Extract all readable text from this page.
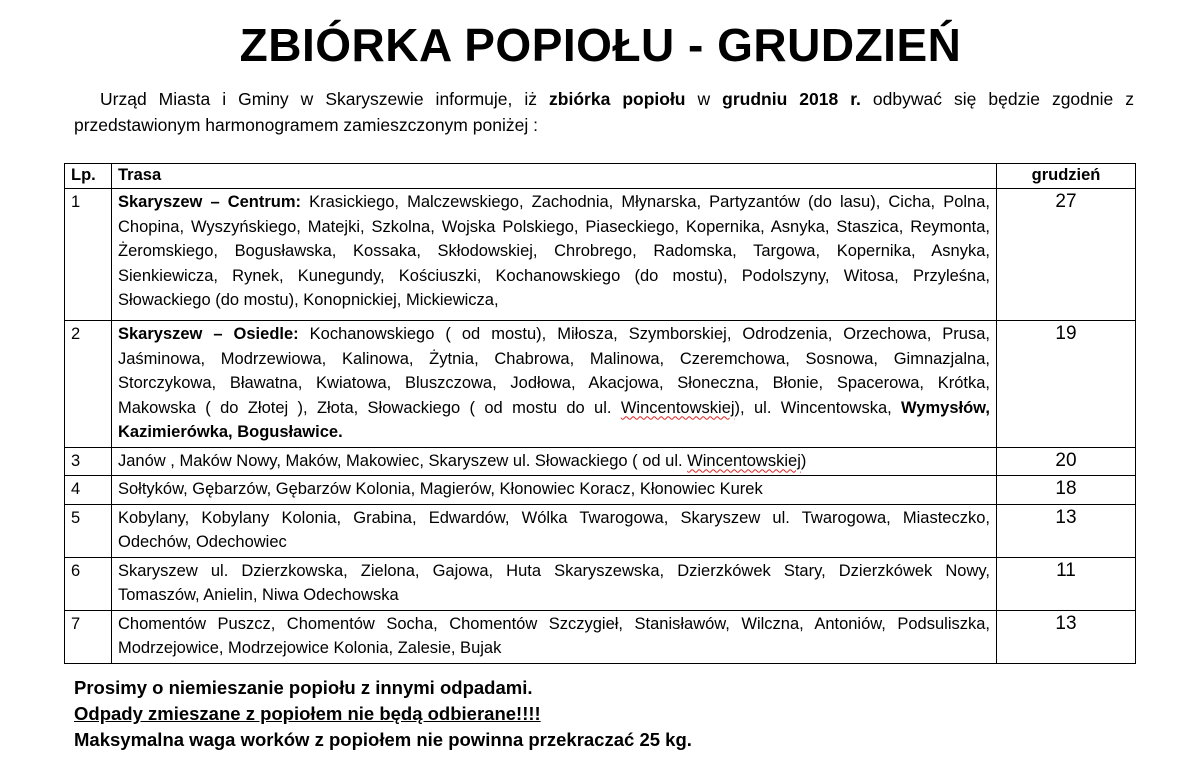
ZBIÓRKA POPIOŁU - GRUDZIEŃ
Urząd Miasta i Gminy w Skaryszewie informuje, iż zbiórka popiołu w grudniu 2018 r. odbywać się będzie zgodnie z przedstawionym harmonogramem zamieszczonym poniżej :
Lp.	Trasa	grudzień
1	Skaryszew – Centrum: Krasickiego, Malczewskiego, Zachodnia, Młynarska, Partyzantów (do lasu), Cicha, Polna, Chopina, Wyszyńskiego, Matejki, Szkolna, Wojska Polskiego, Piaseckiego, Kopernika, Asnyka, Staszica, Reymonta, Żeromskiego, Bogusławska, Kossaka, Skłodowskiej, Chrobrego, Radomska, Targowa, Kopernika, Asnyka, Sienkiewicza, Rynek, Kunegundy, Kościuszki, Kochanowskiego (do mostu), Podolszyny, Witosa, Przyleśna, Słowackiego (do mostu), Konopnickiej, Mickiewicza,	27
2	Skaryszew – Osiedle: Kochanowskiego ( od mostu), Miłosza, Szymborskiej, Odrodzenia, Orzechowa, Prusa, Jaśminowa, Modrzewiowa, Kalinowa, Żytnia, Chabrowa, Malinowa, Czeremchowa, Sosnowa, Gimnazjalna, Storczykowa, Bławatna, Kwiatowa, Bluszczowa, Jodłowa, Akacjowa, Słoneczna, Błonie, Spacerowa, Krótka, Makowska ( do Złotej ), Złota, Słowackiego ( od mostu do ul. Wincentowskiej), ul. Wincentowska, Wymysłów, Kazimierówka, Bogusławice.	19
3	Janów , Maków Nowy, Maków, Makowiec, Skaryszew ul. Słowackiego ( od ul. Wincentowskiej)	20
4	Sołtyków, Gębarzów, Gębarzów Kolonia, Magierów, Kłonowiec Koracz, Kłonowiec Kurek	18
5	Kobylany, Kobylany Kolonia, Grabina, Edwardów, Wólka Twarogowa, Skaryszew ul. Twarogowa, Miasteczko, Odechów, Odechowiec	13
6	Skaryszew ul. Dzierzkowska, Zielona, Gajowa, Huta Skaryszewska, Dzierzkówek Stary, Dzierzkówek Nowy, Tomaszów, Anielin, Niwa Odechowska	11
7	Chomentów Puszcz, Chomentów Socha, Chomentów Szczygieł, Stanisławów, Wilczna, Antoniów, Podsuliszka, Modrzejowice, Modrzejowice Kolonia, Zalesie, Bujak	13
Prosimy o niemieszanie popiołu z innymi odpadami.
Odpady zmieszane z popiołem nie będą odbierane!!!!
Maksymalna waga worków z popiołem nie powinna przekraczać 25 kg.
